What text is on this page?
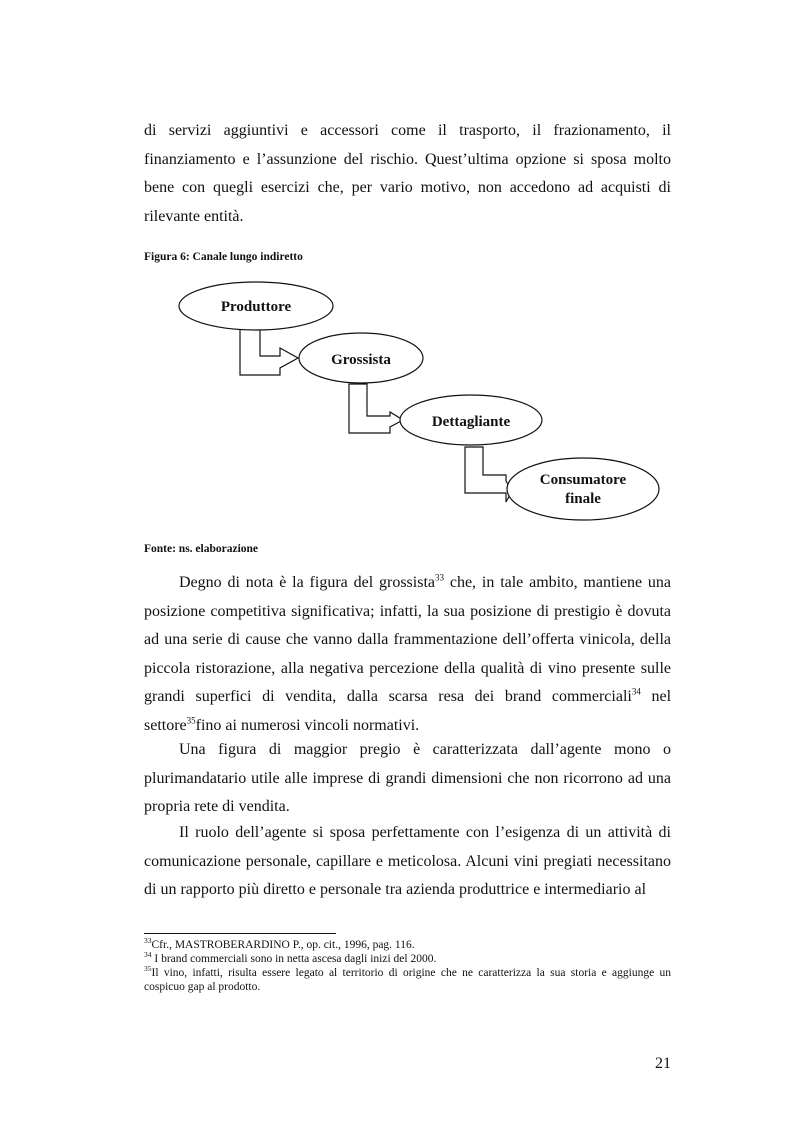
di servizi aggiuntivi e accessori come il trasporto, il frazionamento, il finanziamento e l’assunzione del rischio. Quest’ultima opzione si sposa molto bene con quegli esercizi che, per vario motivo, non accedono ad acquisti di rilevante entità.

Figura 6: Canale lungo indiretto

Produttore
Grossista
Dettagliante
Consumatore
finale

Fonte: ns. elaborazione

Degno di nota è la figura del grossista$^{33}$ che, in tale ambito, mantiene una posizione competitiva significativa; infatti, la sua posizione di prestigio è dovuta ad una serie di cause che vanno dalla frammentazione dell’offerta vinicola, della piccola ristorazione, alla negativa percezione della qualità di vino presente sulle grandi superfici di vendita, dalla scarsa resa dei brand commerciali$^{34}$ nel settore$^{35}$fino ai numerosi vincoli normativi.

Una figura di maggior pregio è caratterizzata dall’agente mono o plurimandatario utile alle imprese di grandi dimensioni che non ricorrono ad una propria rete di vendita.

Il ruolo dell’agente si sposa perfettamente con l’esigenza di un attività di comunicazione personale, capillare e meticolosa. Alcuni vini pregiati necessitano di un rapporto più diretto e personale tra azienda produttrice e intermediario al

$^{33}$Cfr., MASTROBERARDINO P., op. cit., 1996, pag. 116.

$^{34}$ I brand commerciali sono in netta ascesa dagli inizi del 2000.

$^{35}$Il vino, infatti, risulta essere legato al territorio di origine che ne caratterizza la sua storia e aggiunge un cospicuo gap al prodotto.

21
